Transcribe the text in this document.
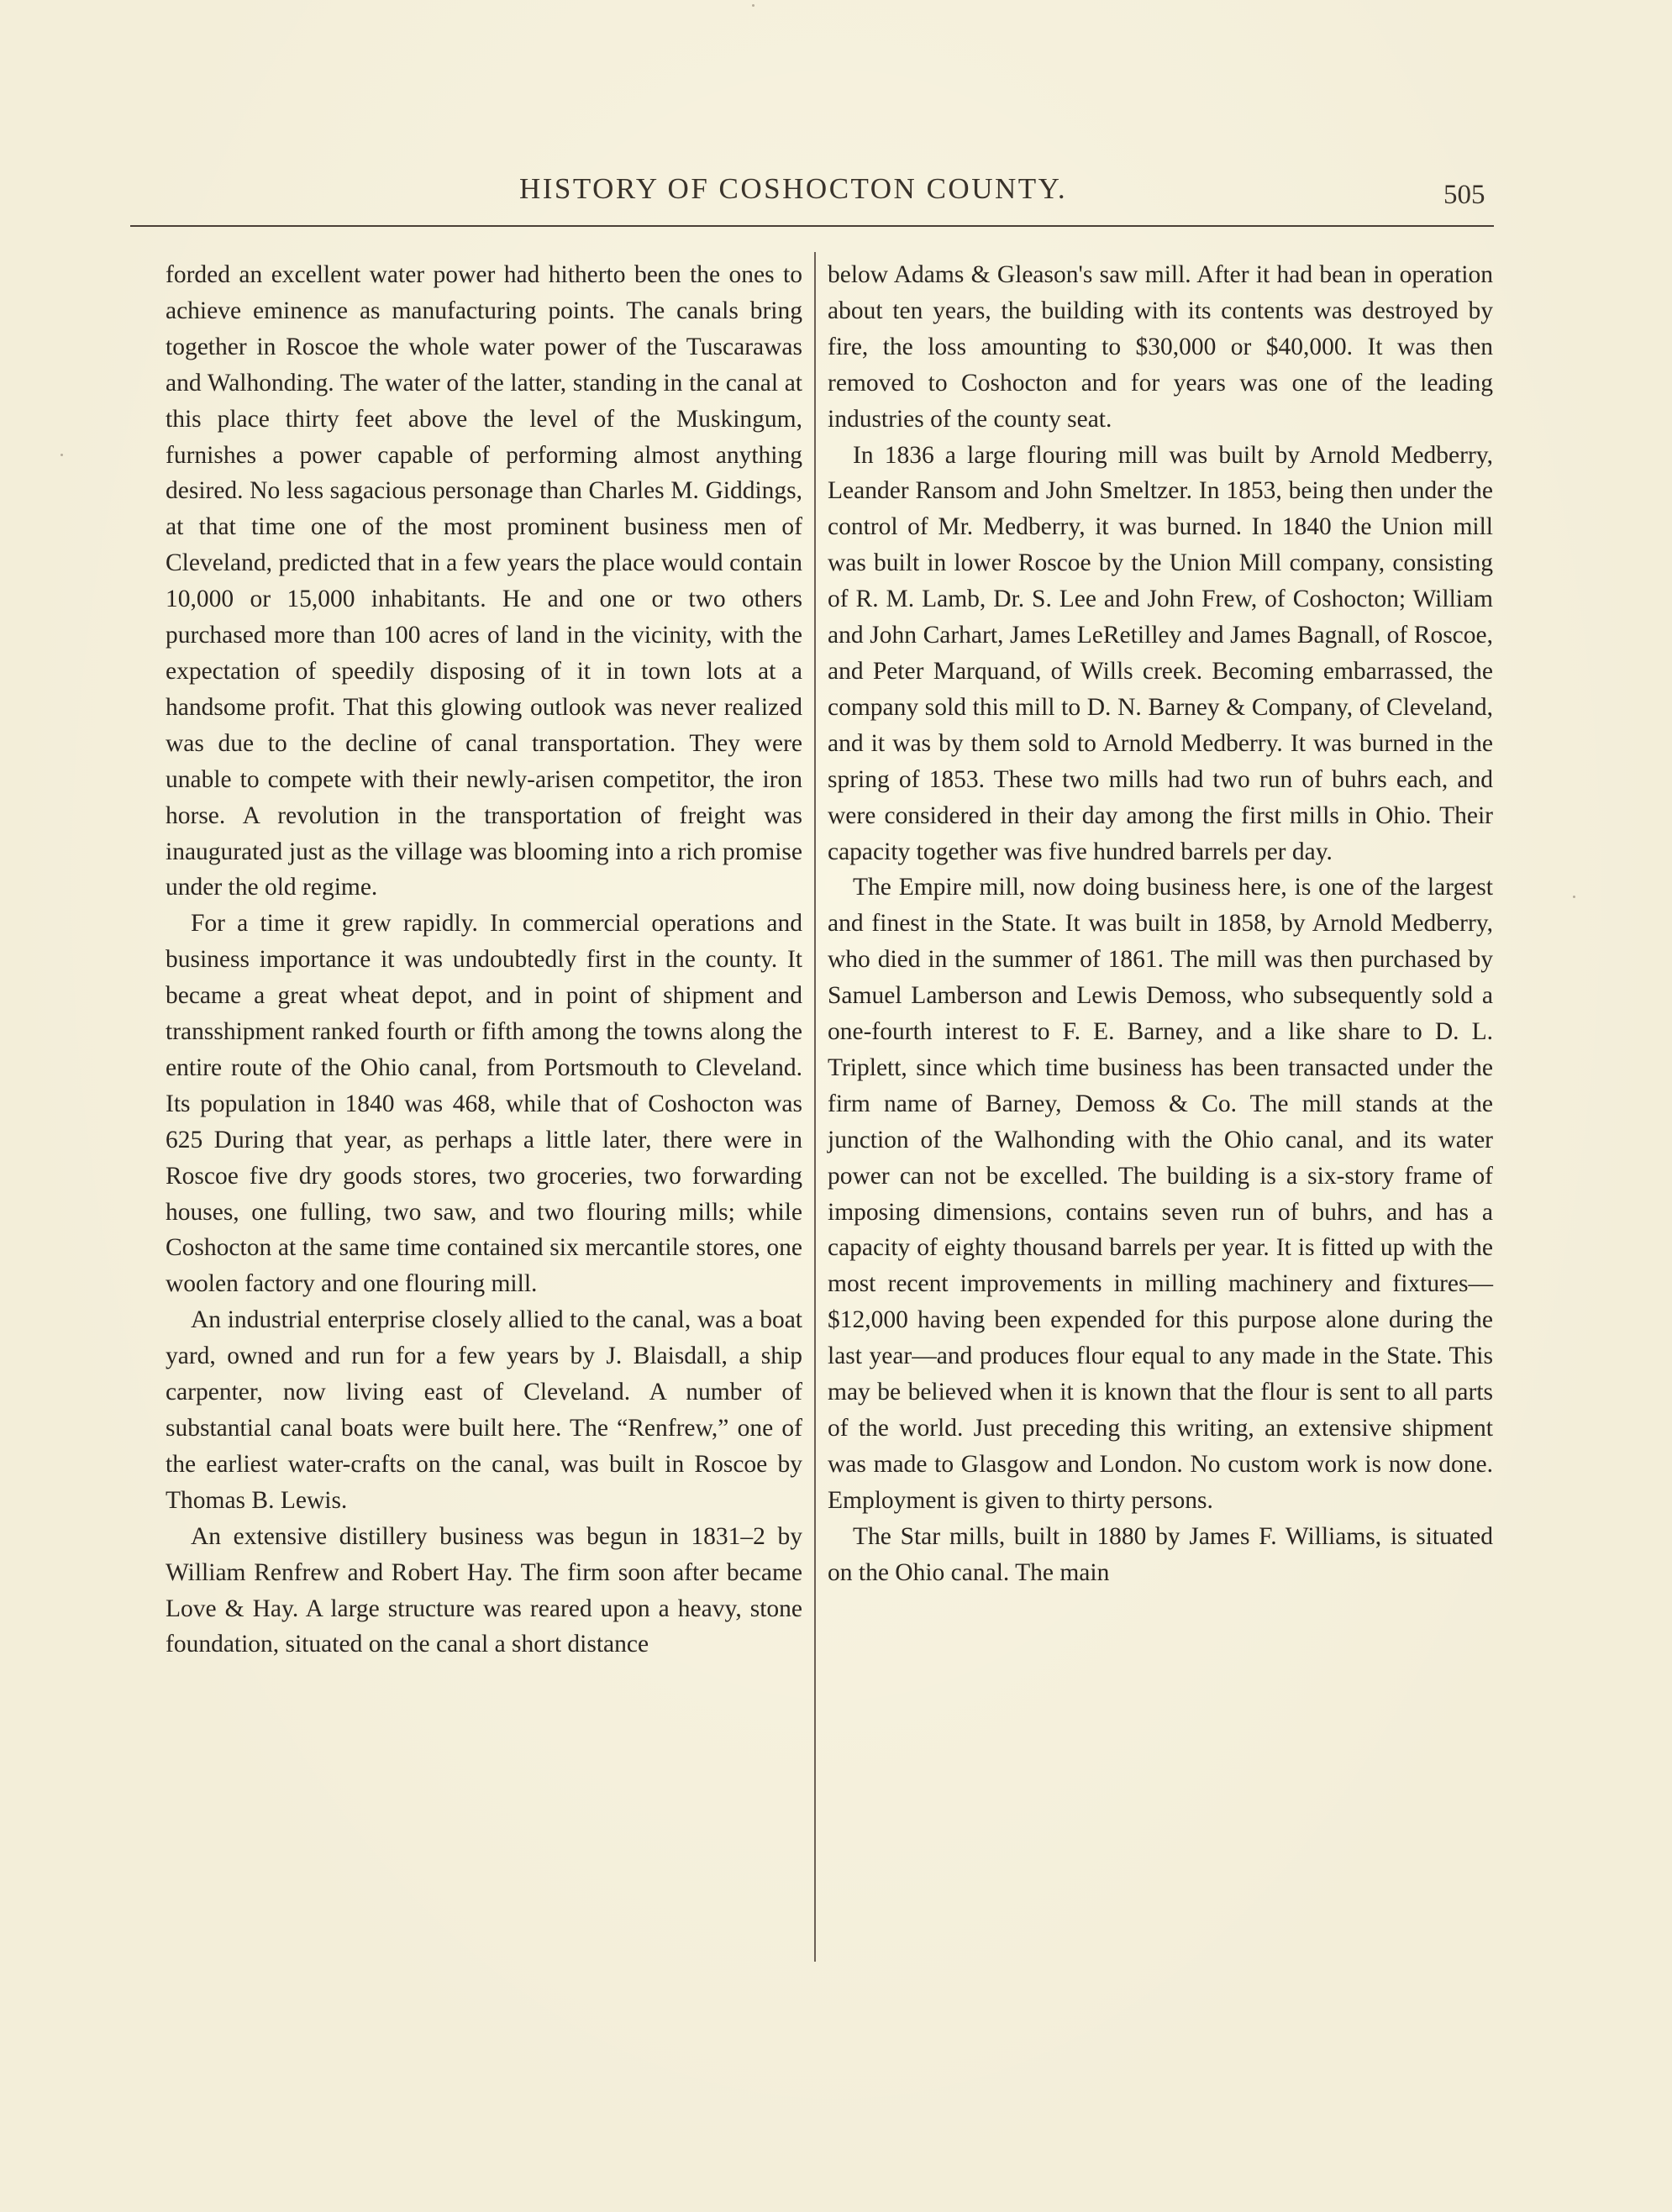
HISTORY OF COSHOCTON COUNTY.	505

forded an excellent water power had hitherto been the ones to achieve eminence as manufacturing points. The canals bring together in Roscoe the whole water power of the Tuscarawas and Walhonding. The water of the latter, standing in the canal at this place thirty feet above the level of the Muskingum, furnishes a power capable of performing almost anything desired. No less sagacious personage than Charles M. Giddings, at that time one of the most prominent business men of Cleveland, predicted that in a few years the place would contain 10,000 or 15,000 inhabitants. He and one or two others purchased more than 100 acres of land in the vicinity, with the expectation of speedily disposing of it in town lots at a handsome profit. That this glowing outlook was never realized was due to the decline of canal transportation. They were unable to compete with their newly-arisen competitor, the iron horse. A revolution in the transportation of freight was inaugurated just as the village was blooming into a rich promise under the old regime.

For a time it grew rapidly. In commercial operations and business importance it was undoubtedly first in the county. It became a great wheat depot, and in point of shipment and transshipment ranked fourth or fifth among the towns along the entire route of the Ohio canal, from Portsmouth to Cleveland. Its population in 1840 was 468, while that of Coshocton was 625 During that year, as perhaps a little later, there were in Roscoe five dry goods stores, two groceries, two forwarding houses, one fulling, two saw, and two flouring mills; while Coshocton at the same time contained six mercantile stores, one woolen factory and one flouring mill.

An industrial enterprise closely allied to the canal, was a boat yard, owned and run for a few years by J. Blaisdall, a ship carpenter, now living east of Cleveland. A number of substantial canal boats were built here. The “Renfrew,” one of the earliest water-crafts on the canal, was built in Roscoe by Thomas B. Lewis.

An extensive distillery business was begun in 1831–2 by William Renfrew and Robert Hay. The firm soon after became Love & Hay. A large structure was reared upon a heavy, stone foundation, situated on the canal a short distance

below Adams & Gleason's saw mill. After it had bean in operation about ten years, the building with its contents was destroyed by fire, the loss amounting to $30,000 or $40,000. It was then removed to Coshocton and for years was one of the leading industries of the county seat.

In 1836 a large flouring mill was built by Arnold Medberry, Leander Ransom and John Smeltzer. In 1853, being then under the control of Mr. Medberry, it was burned. In 1840 the Union mill was built in lower Roscoe by the Union Mill company, consisting of R. M. Lamb, Dr. S. Lee and John Frew, of Coshocton; William and John Carhart, James LeRetilley and James Bagnall, of Roscoe, and Peter Marquand, of Wills creek. Becoming embarrassed, the company sold this mill to D. N. Barney & Company, of Cleveland, and it was by them sold to Arnold Medberry. It was burned in the spring of 1853. These two mills had two run of buhrs each, and were considered in their day among the first mills in Ohio. Their capacity together was five hundred barrels per day.

The Empire mill, now doing business here, is one of the largest and finest in the State. It was built in 1858, by Arnold Medberry, who died in the summer of 1861. The mill was then purchased by Samuel Lamberson and Lewis Demoss, who subsequently sold a one-fourth interest to F. E. Barney, and a like share to D. L. Triplett, since which time business has been transacted under the firm name of Barney, Demoss & Co. The mill stands at the junction of the Walhonding with the Ohio canal, and its water power can not be excelled. The building is a six-story frame of imposing dimensions, contains seven run of buhrs, and has a capacity of eighty thousand barrels per year. It is fitted up with the most recent improvements in milling machinery and fixtures—$12,000 having been expended for this purpose alone during the last year—and produces flour equal to any made in the State. This may be believed when it is known that the flour is sent to all parts of the world. Just preceding this writing, an extensive shipment was made to Glasgow and London. No custom work is now done. Employment is given to thirty persons.

The Star mills, built in 1880 by James F. Williams, is situated on the Ohio canal. The main
